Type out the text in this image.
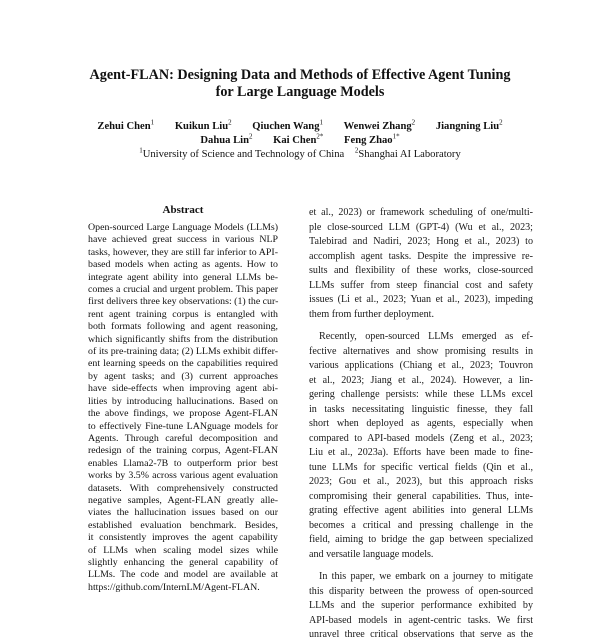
Agent-FLAN: Designing Data and Methods of Effective Agent Tuning
for Large Language Models
Zehui Chen$^1$ Kuikun Liu$^2$ Qiuchen Wang$^1$ Wenwei Zhang$^2$ Jiangning Liu$^2$
Dahua Lin$^2$ Kai Chen$^{2*}$ Feng Zhao$^{1*}$
$^1$University of Science and Technology of China $^2$Shanghai AI Laboratory
Abstract
Open-sourced Large Language Models (LLMs)
have achieved great success in various NLP
tasks, however, they are still far inferior to API-
based models when acting as agents. How to
integrate agent ability into general LLMs be-
comes a crucial and urgent problem. This paper
first delivers three key observations: (1) the cur-
rent agent training corpus is entangled with
both formats following and agent reasoning,
which significantly shifts from the distribution
of its pre-training data; (2) LLMs exhibit differ-
ent learning speeds on the capabilities required
by agent tasks; and (3) current approaches
have side-effects when improving agent abi-
lities by introducing hallucinations. Based on
the above findings, we propose Agent-FLAN
to effectively Fine-tune LANguage models for
Agents. Through careful decomposition and
redesign of the training corpus, Agent-FLAN
enables Llama2-7B to outperform prior best
works by 3.5% across various agent evaluation
datasets. With comprehensively constructed
negative samples, Agent-FLAN greatly alle-
viates the hallucination issues based on our
established evaluation benchmark. Besides,
it consistently improves the agent capability
of LLMs when scaling model sizes while
slightly enhancing the general capability of
LLMs. The code and model are available at
https://github.com/InternLM/Agent-FLAN.
et al., 2023) or framework scheduling of one/multi-
ple close-sourced LLM (GPT-4) (Wu et al., 2023;
Talebirad and Nadiri, 2023; Hong et al., 2023) to
accomplish agent tasks. Despite the impressive re-
sults and flexibility of these works, close-sourced
LLMs suffer from steep financial cost and safety
issues (Li et al., 2023; Yuan et al., 2023), impeding
them from further deployment.
Recently, open-sourced LLMs emerged as ef-
fective alternatives and show promising results in
various applications (Chiang et al., 2023; Touvron
et al., 2023; Jiang et al., 2024). However, a lin-
gering challenge persists: while these LLMs excel
in tasks necessitating linguistic finesse, they fall
short when deployed as agents, especially when
compared to API-based models (Zeng et al., 2023;
Liu et al., 2023a). Efforts have been made to fine-
tune LLMs for specific vertical fields (Qin et al.,
2023; Gou et al., 2023), but this approach risks
compromising their general capabilities. Thus, inte-
grating effective agent abilities into general LLMs
becomes a critical and pressing challenge in the
field, aiming to bridge the gap between specialized
and versatile language models.
In this paper, we embark on a journey to mitigate
this disparity between the prowess of open-sourced
LLMs and the superior performance exhibited by
API-based models in agent-centric tasks. We first
unravel three critical observations that serve as the
